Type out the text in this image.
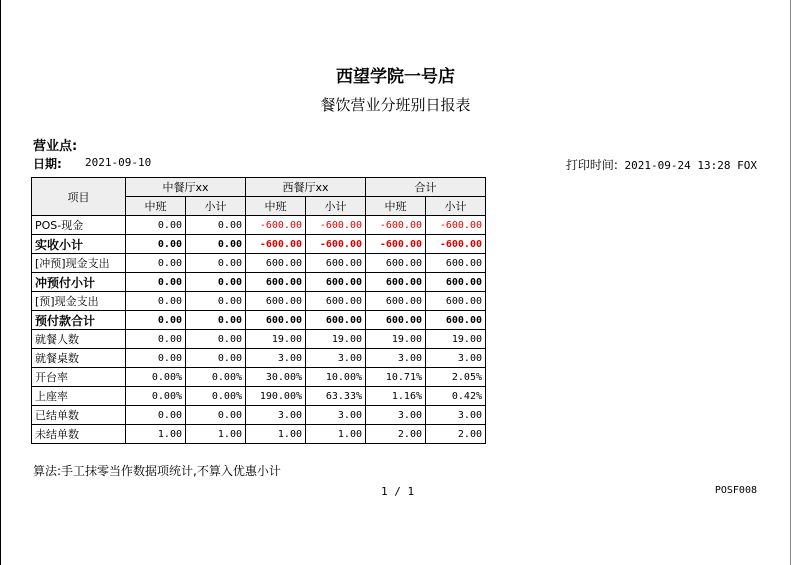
西望学院一号店
餐饮营业分班别日报表
营业点:
日期: 2021-09-10	打印时间: 2021-09-24 13:28 FOX
项目	中餐厅xx		西餐厅xx		合计	
	中班	小计	中班	小计	中班	小计
POS-现金	0.00	0.00	-600.00	-600.00	-600.00	-600.00
实收小计	0.00	0.00	-600.00	-600.00	-600.00	-600.00
[冲预]现金支出	0.00	0.00	600.00	600.00	600.00	600.00
冲预付小计	0.00	0.00	600.00	600.00	600.00	600.00
[预]现金支出	0.00	0.00	600.00	600.00	600.00	600.00
预付款合计	0.00	0.00	600.00	600.00	600.00	600.00
就餐人数	0.00	0.00	19.00	19.00	19.00	19.00
就餐桌数	0.00	0.00	3.00	3.00	3.00	3.00
开台率	0.00%	0.00%	30.00%	10.00%	10.71%	2.05%
上座率	0.00%	0.00%	190.00%	63.33%	1.16%	0.42%
已结单数	0.00	0.00	3.00	3.00	3.00	3.00
未结单数	1.00	1.00	1.00	1.00	2.00	2.00
算法:手工抹零当作数据项统计,不算入优惠小计
1 / 1	POSF008
